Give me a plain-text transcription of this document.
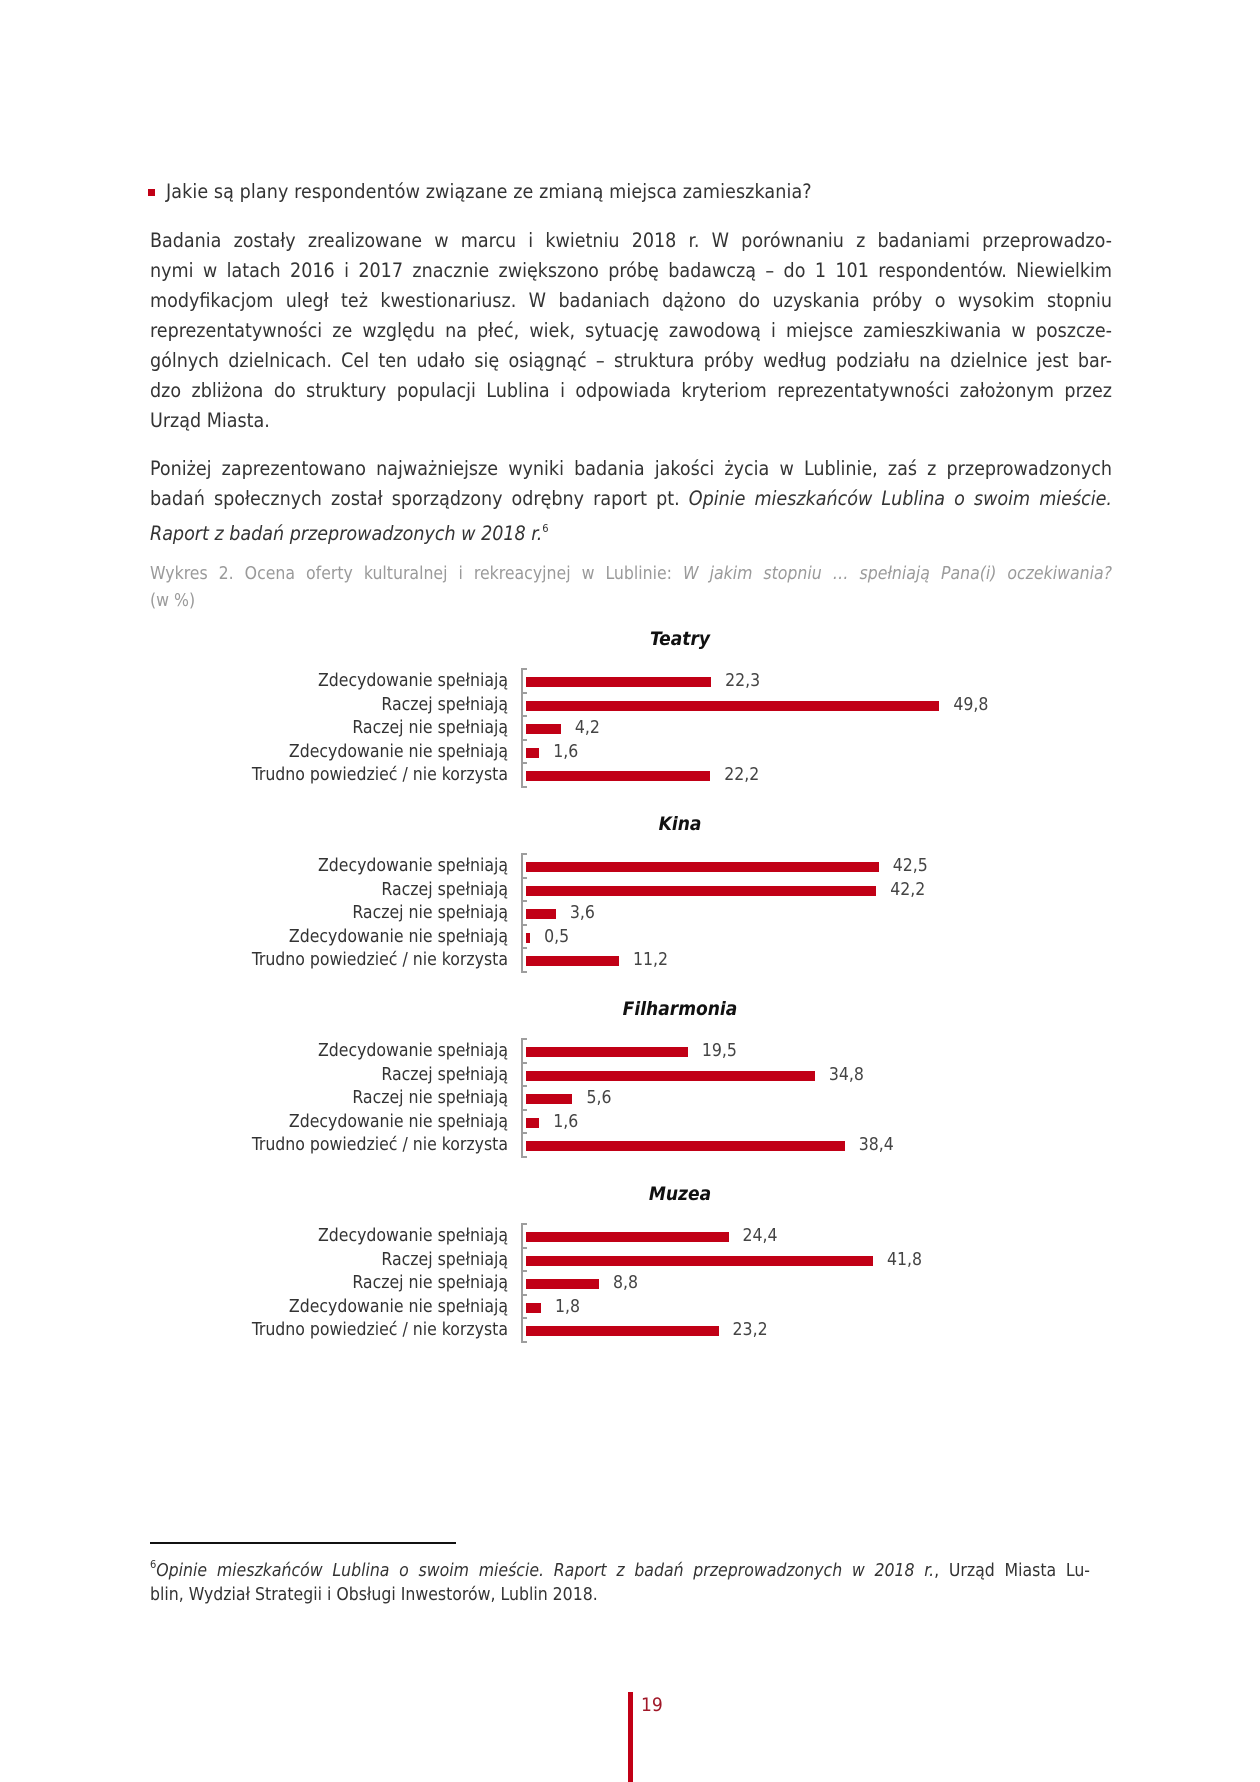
Jakie są plany respondentów związane ze zmianą miejsca zamieszkania?
Badania zostały zrealizowane w marcu i kwietniu 2018 r. W porównaniu z badaniami przeprowadzo-
nymi w latach 2016 i 2017 znacznie zwiększono próbę badawczą – do 1 101 respondentów. Niewielkim
modyfikacjom uległ też kwestionariusz. W badaniach dążono do uzyskania próby o wysokim stopniu
reprezentatywności ze względu na płeć, wiek, sytuację zawodową i miejsce zamieszkiwania w poszcze-
gólnych dzielnicach. Cel ten udało się osiągnąć – struktura próby według podziału na dzielnice jest bar-
dzo zbliżona do struktury populacji Lublina i odpowiada kryteriom reprezentatywności założonym przez
Urząd Miasta.
Poniżej zaprezentowano najważniejsze wyniki badania jakości życia w Lublinie, zaś z przeprowadzonych
badań społecznych został sporządzony odrębny raport pt. Opinie mieszkańców Lublina o swoim mieście.
Raport z badań przeprowadzonych w 2018 r.$^6$
Wykres 2. Ocena oferty kulturalnej i rekreacyjnej w Lublinie: W jakim stopniu … spełniają Pana(i) oczekiwania?
(w %)
Teatry
Zdecydowanie spełniają	22,3
Raczej spełniają	49,8
Raczej nie spełniają	4,2
Zdecydowanie nie spełniają	1,6
Trudno powiedzieć / nie korzysta	22,2
Kina
Zdecydowanie spełniają	42,5
Raczej spełniają	42,2
Raczej nie spełniają	3,6
Zdecydowanie nie spełniają 0,5
Trudno powiedzieć / nie korzysta	11,2
Filharmonia
Zdecydowanie spełniają	19,5
Raczej spełniają	34,8
Raczej nie spełniają	5,6
Zdecydowanie nie spełniają	1,6
Trudno powiedzieć / nie korzysta	38,4
Muzea
Zdecydowanie spełniają	24,4
Raczej spełniają	41,8
Raczej nie spełniają	8,8
Zdecydowanie nie spełniają	1,8
Trudno powiedzieć / nie korzysta	23,2
$^6$Opinie mieszkańców Lublina o swoim mieście. Raport z badań przeprowadzonych w 2018 r., Urząd Miasta Lu-
blin, Wydział Strategii i Obsługi Inwestorów, Lublin 2018.
19
